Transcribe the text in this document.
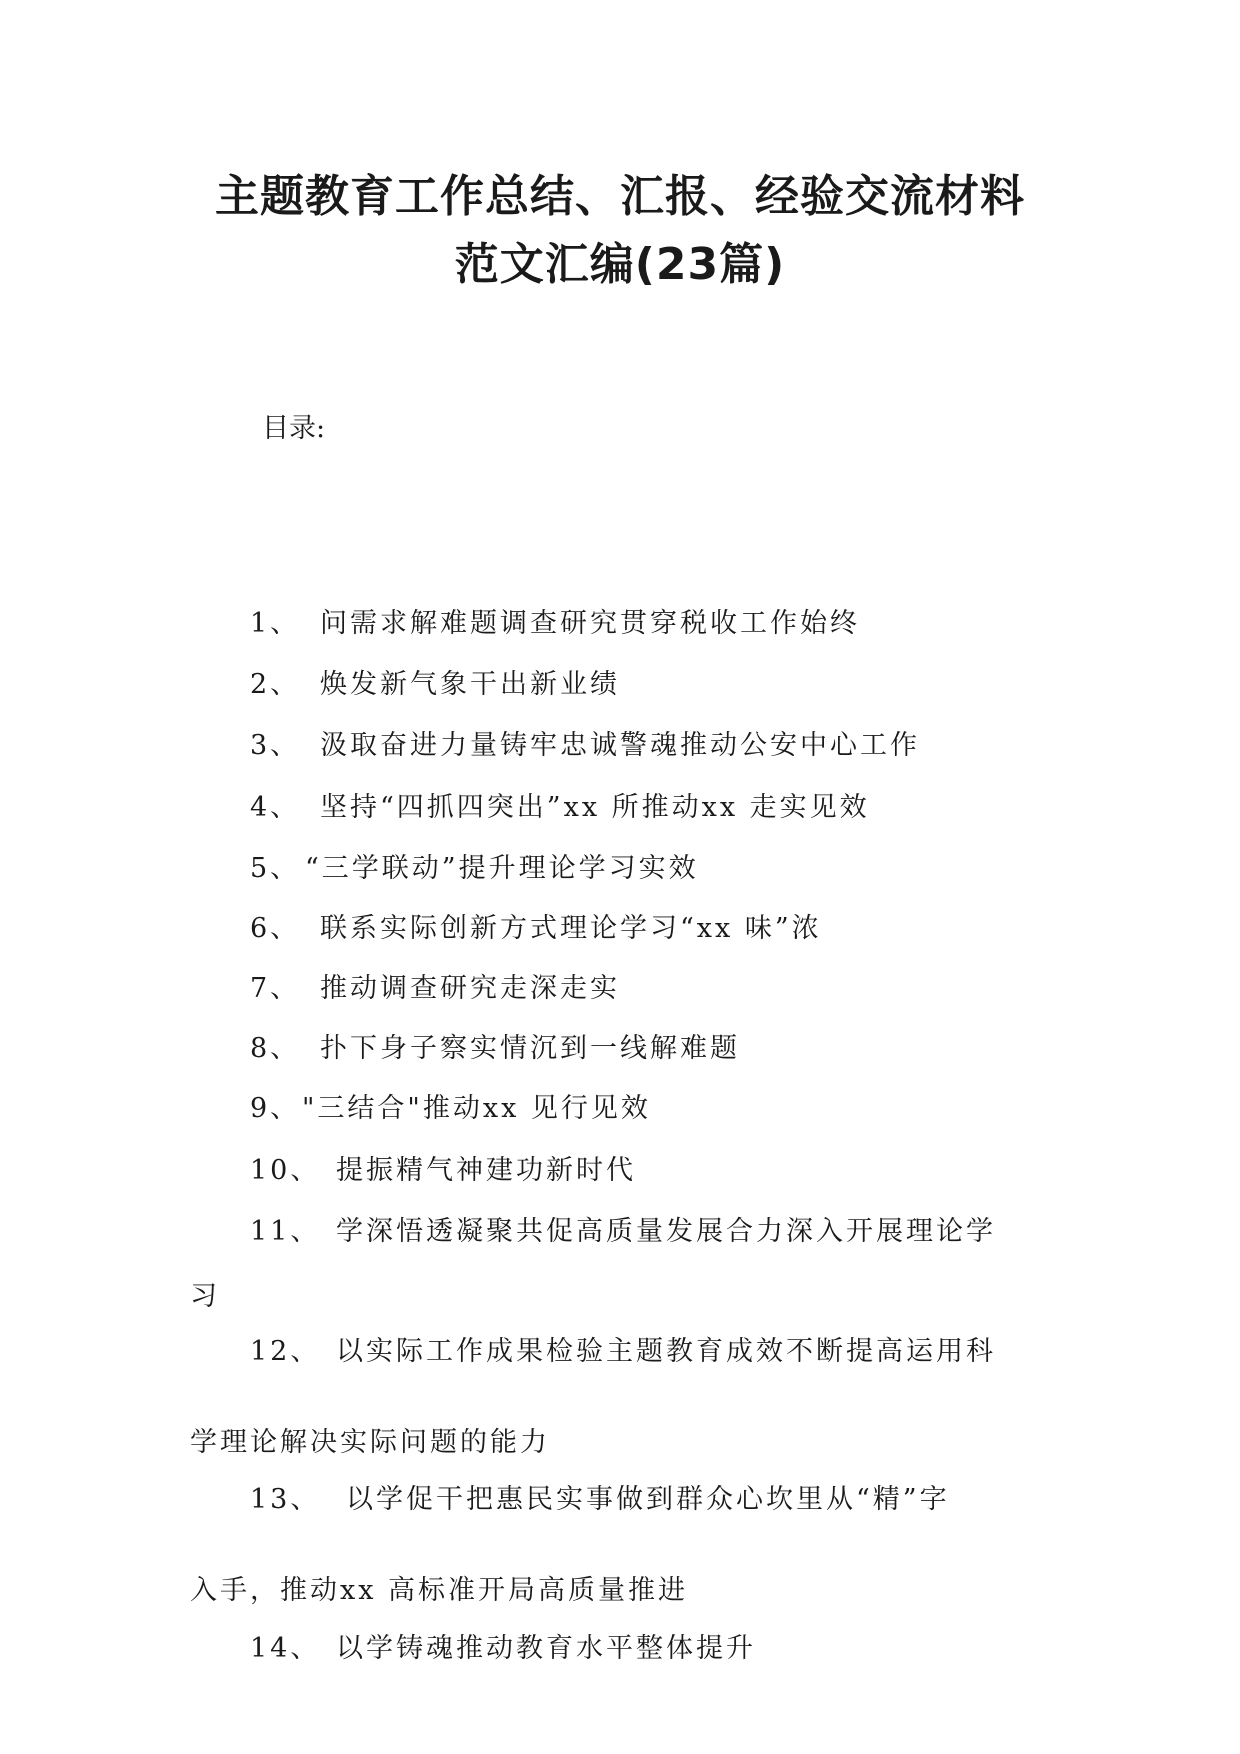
主题教育工作总结、汇报、经验交流材料
范文汇编(23篇)
目录:
1、 问需求解难题调查研究贯穿税收工作始终
2、 焕发新气象干出新业绩
3、 汲取奋进力量铸牢忠诚警魂推动公安中心工作
4、 坚持“四抓四突出”xx 所推动xx 走实见效
5、 “三学联动”提升理论学习实效
6、 联系实际创新方式理论学习“xx 味”浓
7、 推动调查研究走深走实
8、 扑下身子察实情沉到一线解难题
9、"三结合"推动xx 见行见效
10、 提振精气神建功新时代
11、 学深悟透凝聚共促高质量发展合力深入开展理论学
习
12、 以实际工作成果检验主题教育成效不断提高运用科
学理论解决实际问题的能力
13、 以学促干把惠民实事做到群众心坎里从“精”字
入手，推动xx 高标准开局高质量推进
14、 以学铸魂推动教育水平整体提升
